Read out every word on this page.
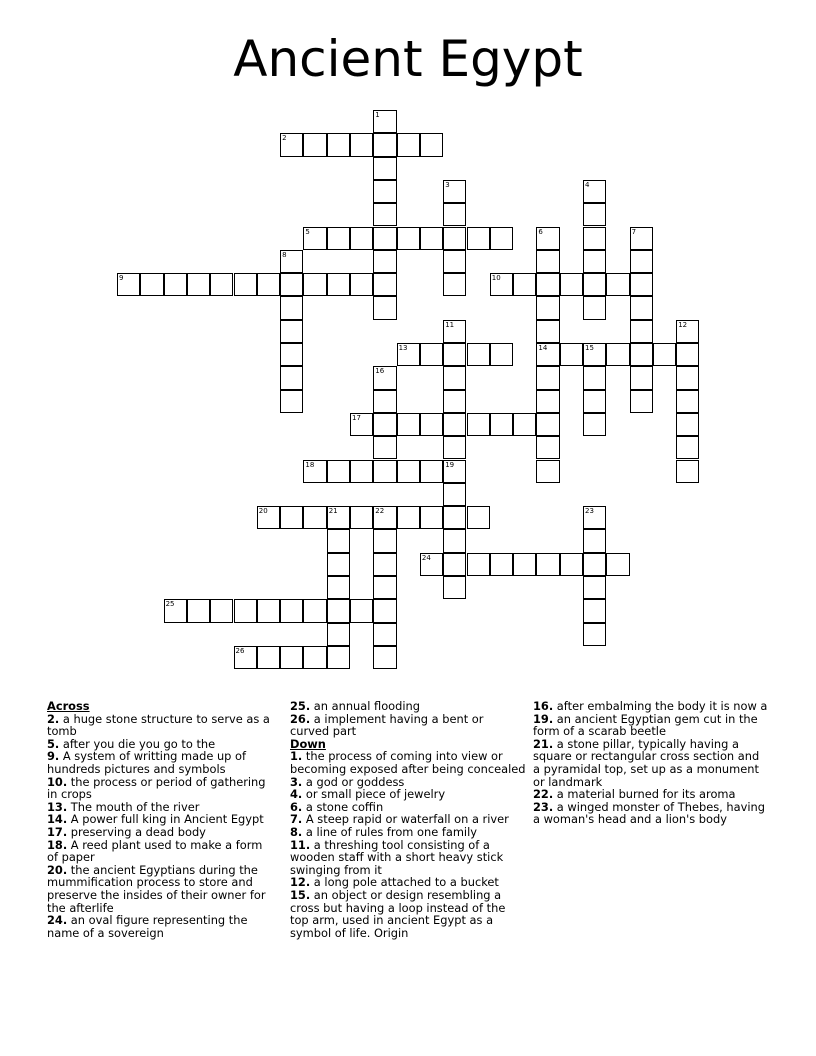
Ancient Egypt
1
2
3	4
5	6
14
7
8
9	10
11
19
12
13	15
16
17
18
20	21	22	23
24
25
26

Across

2. a huge stone structure to serve as a tomb

5. after you die you go to the

9. A system of writting made up of hundreds pictures and symbols

10. the process or period of gathering in crops

13. The mouth of the river

14. A power full king in Ancient Egypt

17. preserving a dead body

18. A reed plant used to make a form of paper

20. the ancient Egyptians during the mummification process to store and preserve the insides of their owner for the afterlife

24. an oval figure representing the name of a sovereign

25. an annual flooding

26. a implement having a bent or curved part

Down

1. the process of coming into view or becoming exposed after being concealed

3. a god or goddess

4. or small piece of jewelry

6. a stone coffin

7. A steep rapid or waterfall on a river

8. a line of rules from one family

11. a threshing tool consisting of a wooden staff with a short heavy stick swinging from it

12. a long pole attached to a bucket

15. an object or design resembling a cross but having a loop instead of the top arm, used in ancient Egypt as a symbol of life. Origin

16. after embalming the body it is now a

19. an ancient Egyptian gem cut in the form of a scarab beetle

21. a stone pillar, typically having a square or rectangular cross section and a pyramidal top, set up as a monument or landmark

22. a material burned for its aroma

23. a winged monster of Thebes, having a woman's head and a lion's body
